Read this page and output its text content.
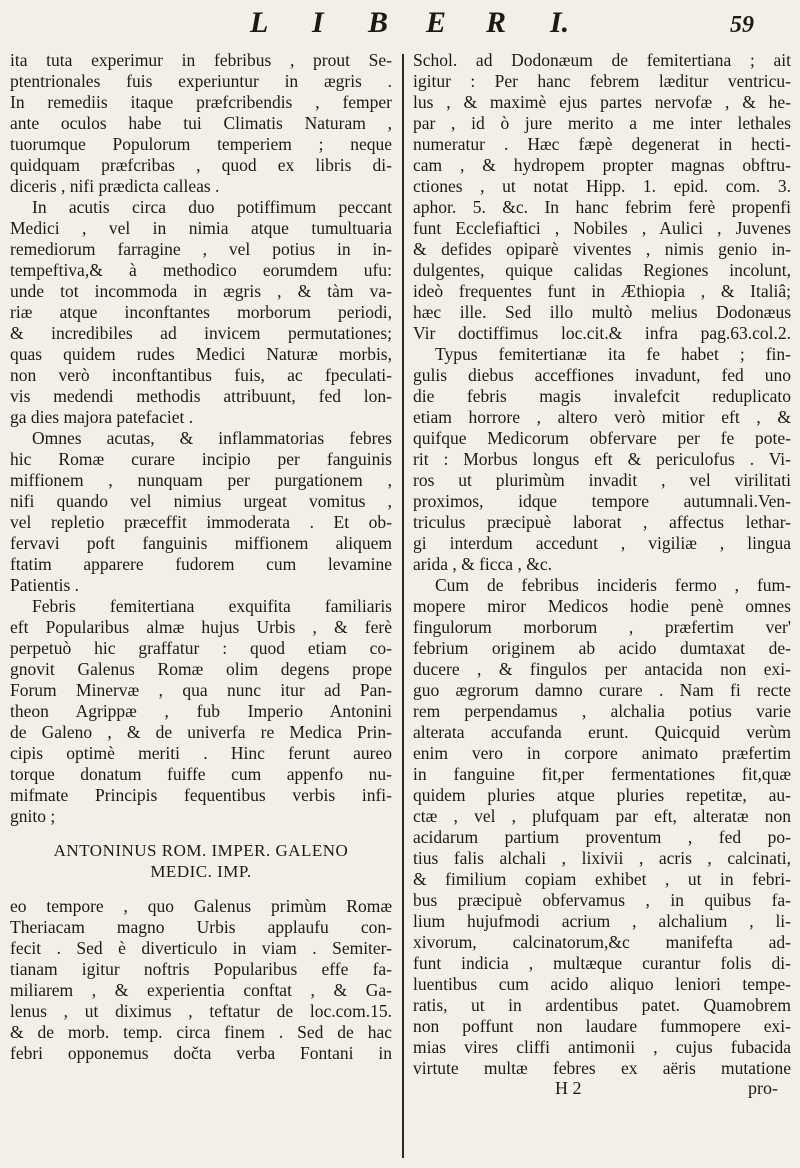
L I B E R I.	59
ita tuta experimur in febribus , prout Se-
ptentrionales fuis experiuntur in ægris .
In remediis itaque præfcribendis , femper
ante oculos habe tui Climatis Naturam ,
tuorumque Populorum temperiem ; neque
quidquam præfcribas , quod ex libris di-
diceris , nifi prædicta calleas .
In acutis circa duo potiffimum peccant
Medici , vel in nimia atque tumultuaria
remediorum farragine , vel potius in in-
tempeftiva,& à methodico eorumdem ufu:
unde tot incommoda in ægris , & tàm va-
riæ atque inconftantes morborum periodi,
& incredibiles ad invicem permutationes;
quas quidem rudes Medici Naturæ morbis,
non verò inconftantibus fuis, ac fpeculati-
vis medendi methodis attribuunt, fed lon-
ga dies majora patefaciet .
Omnes acutas, & inflammatorias febres
hic Romæ curare incipio per fanguinis
miffionem , nunquam per purgationem ,
nifi quando vel nimius urgeat vomitus ,
vel repletio præceffit immoderata . Et ob-
fervavi poft fanguinis miffionem aliquem
ftatim apparere fudorem cum levamine
Patientis .
Febris femitertiana exquifita familiaris
eft Popularibus almæ hujus Urbis , & ferè
perpetuò hic graffatur : quod etiam co-
gnovit Galenus Romæ olim degens prope
Forum Minervæ , qua nunc itur ad Pan-
theon Agrippæ , fub Imperio Antonini
de Galeno , & de univerfa re Medica Prin-
cipis optimè meriti . Hinc ferunt aureo
torque donatum fuiffe cum appenfo nu-
mifmate Principis fequentibus verbis infi-
gnito ;
ANTONINUS ROM. IMPER. GALENO
MEDIC. IMP.
eo tempore , quo Galenus primùm Romæ
Theriacam magno Urbis applaufu con-
fecit . Sed è diverticulo in viam . Semiter-
tianam igitur noftris Popularibus effe fa-
miliarem , & experientia conftat , & Ga-
lenus , ut diximus , teftatur de loc.com.15.
& de morb. temp. circa finem . Sed de hac
febri opponemus dočta verba Fontani in
Schol. ad Dodonæum de femitertiana ; ait
igitur : Per hanc febrem læditur ventricu-
lus , & maximè ejus partes nervofæ , & he-
par , id ò jure merito a me inter lethales
numeratur . Hæc fæpè degenerat in hecti-
cam , & hydropem propter magnas obftru-
ctiones , ut notat Hipp. 1. epid. com. 3.
aphor. 5. &c. In hanc febrim ferè propenfi
funt Ecclefiaftici , Nobiles , Aulici , Juvenes
& defides opiparè viventes , nimis genio in-
dulgentes, quique calidas Regiones incolunt,
ideò frequentes funt in Æthiopia , & Italiâ;
hæc ille. Sed illo multò melius Dodonæus
Vir doctiffimus loc.cit.& infra pag.63.col.2.
Typus femitertianæ ita fe habet ; fin-
gulis diebus acceffiones invadunt, fed uno
die febris magis invalefcit reduplicato
etiam horrore , altero verò mitior eft , &
quifque Medicorum obfervare per fe pote-
rit : Morbus longus eft & periculofus . Vi-
ros ut plurimùm invadit , vel virilitati
proximos, idque tempore autumnali.Ven-
triculus præcipuè laborat , affectus lethar-
gi interdum accedunt , vigiliæ , lingua
arida , & ficca , &c.
Cum de febribus incideris fermo , fum-
mopere miror Medicos hodie penè omnes
fingulorum morborum , præfertim ver'
febrium originem ab acido dumtaxat de-
ducere , & fingulos per antacida non exi-
guo ægrorum damno curare . Nam fi recte
rem perpendamus , alchalia potius varie
alterata accufanda erunt. Quicquid verùm
enim vero in corpore animato præfertim
in fanguine fit,per fermentationes fit,quæ
quidem pluries atque pluries repetitæ, au-
ctæ , vel , plufquam par eft, alteratæ non
acidarum partium proventum , fed po-
tius falis alchali , lixivii , acris , calcinati,
& fimilium copiam exhibet , ut in febri-
bus præcipuè obfervamus , in quibus fa-
lium hujufmodi acrium , alchalium , li-
xivorum, calcinatorum,&c manifefta ad-
funt indicia , multæque curantur folis di-
luentibus cum acido aliquo leniori tempe-
ratis, ut in ardentibus patet. Quamobrem
non poffunt non laudare fummopere exi-
mias vires cliffi antimonii , cujus fubacida
virtute multæ febres ex aëris mutatione
H 2	pro-
